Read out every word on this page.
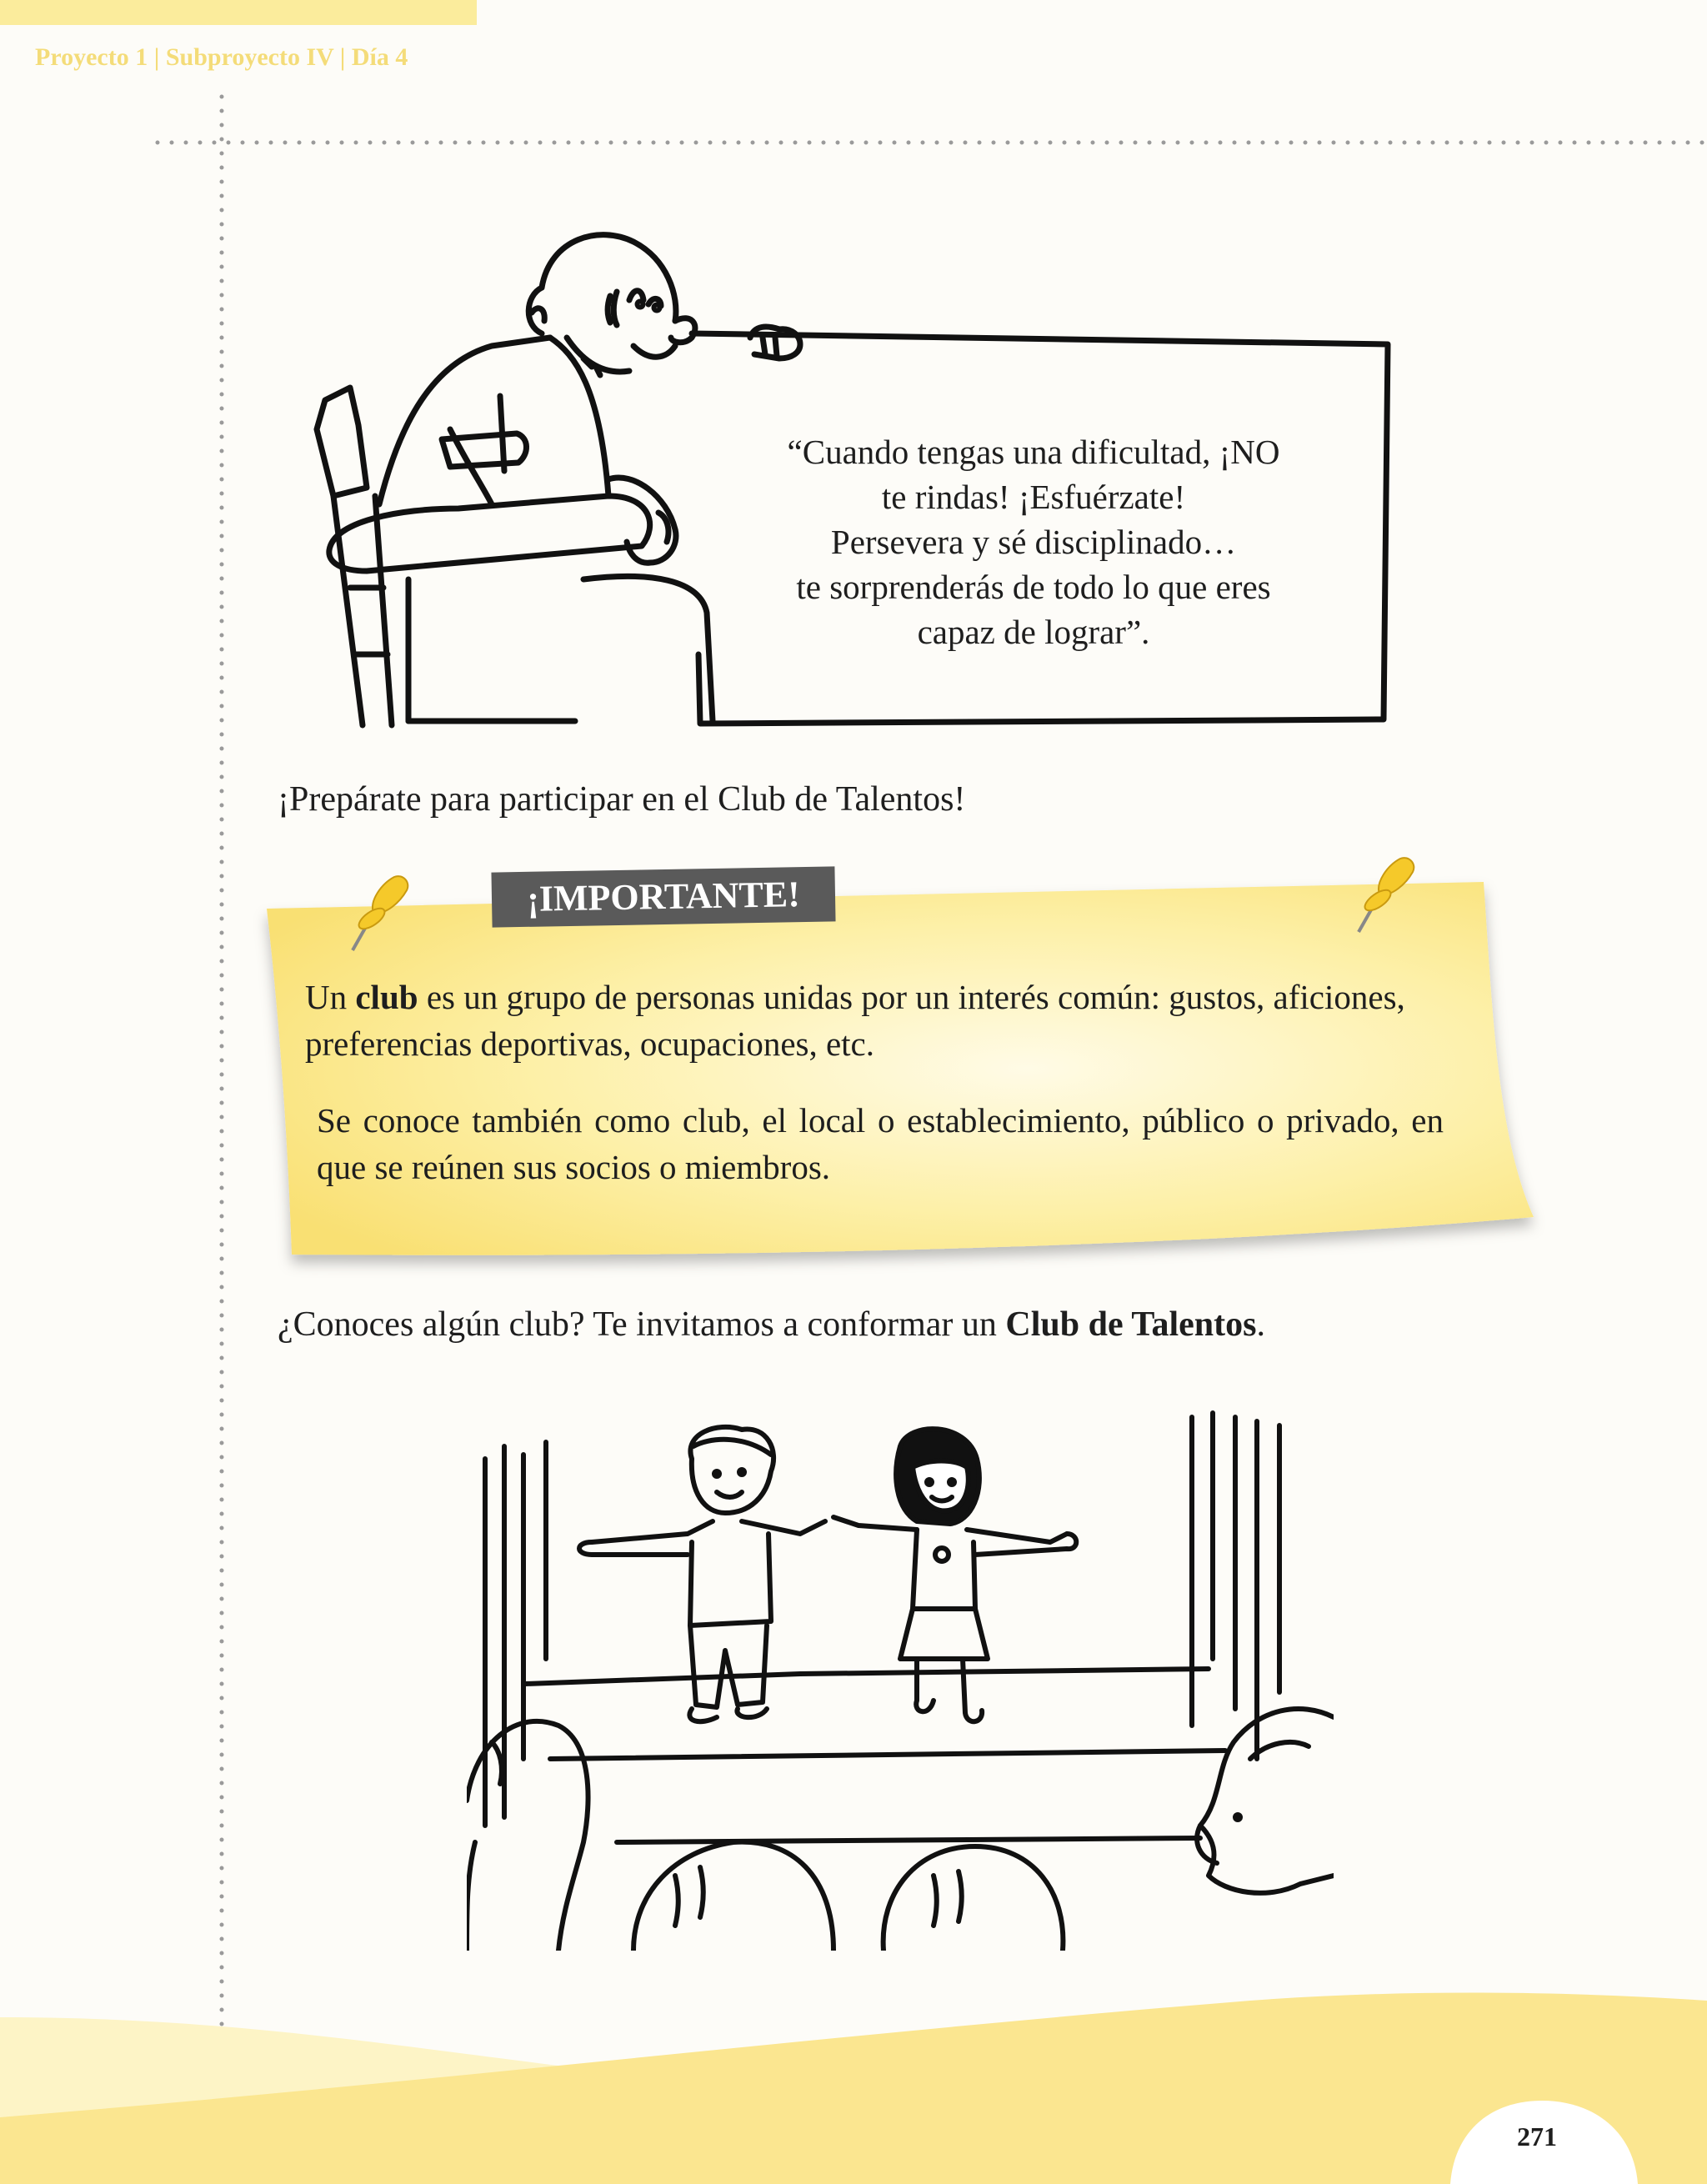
Proyecto 1 | Subproyecto IV | Día 4
“Cuando tengas una dificultad, ¡NO
te rindas! ¡Esfuérzate!
Persevera y sé disciplinado…
te sorprenderás de todo lo que eres
capaz de lograr”.
¡Prepárate para participar en el Club de Talentos!
¡IMPORTANTE!
Un club es un grupo de personas unidas por un interés común: gustos, aficiones, preferencias deportivas, ocupaciones, etc.
Se conoce también como club, el local o establecimiento, público o privado, en que se reúnen sus socios o miembros.
¿Conoces algún club? Te invitamos a conformar un Club de Talentos.
271
